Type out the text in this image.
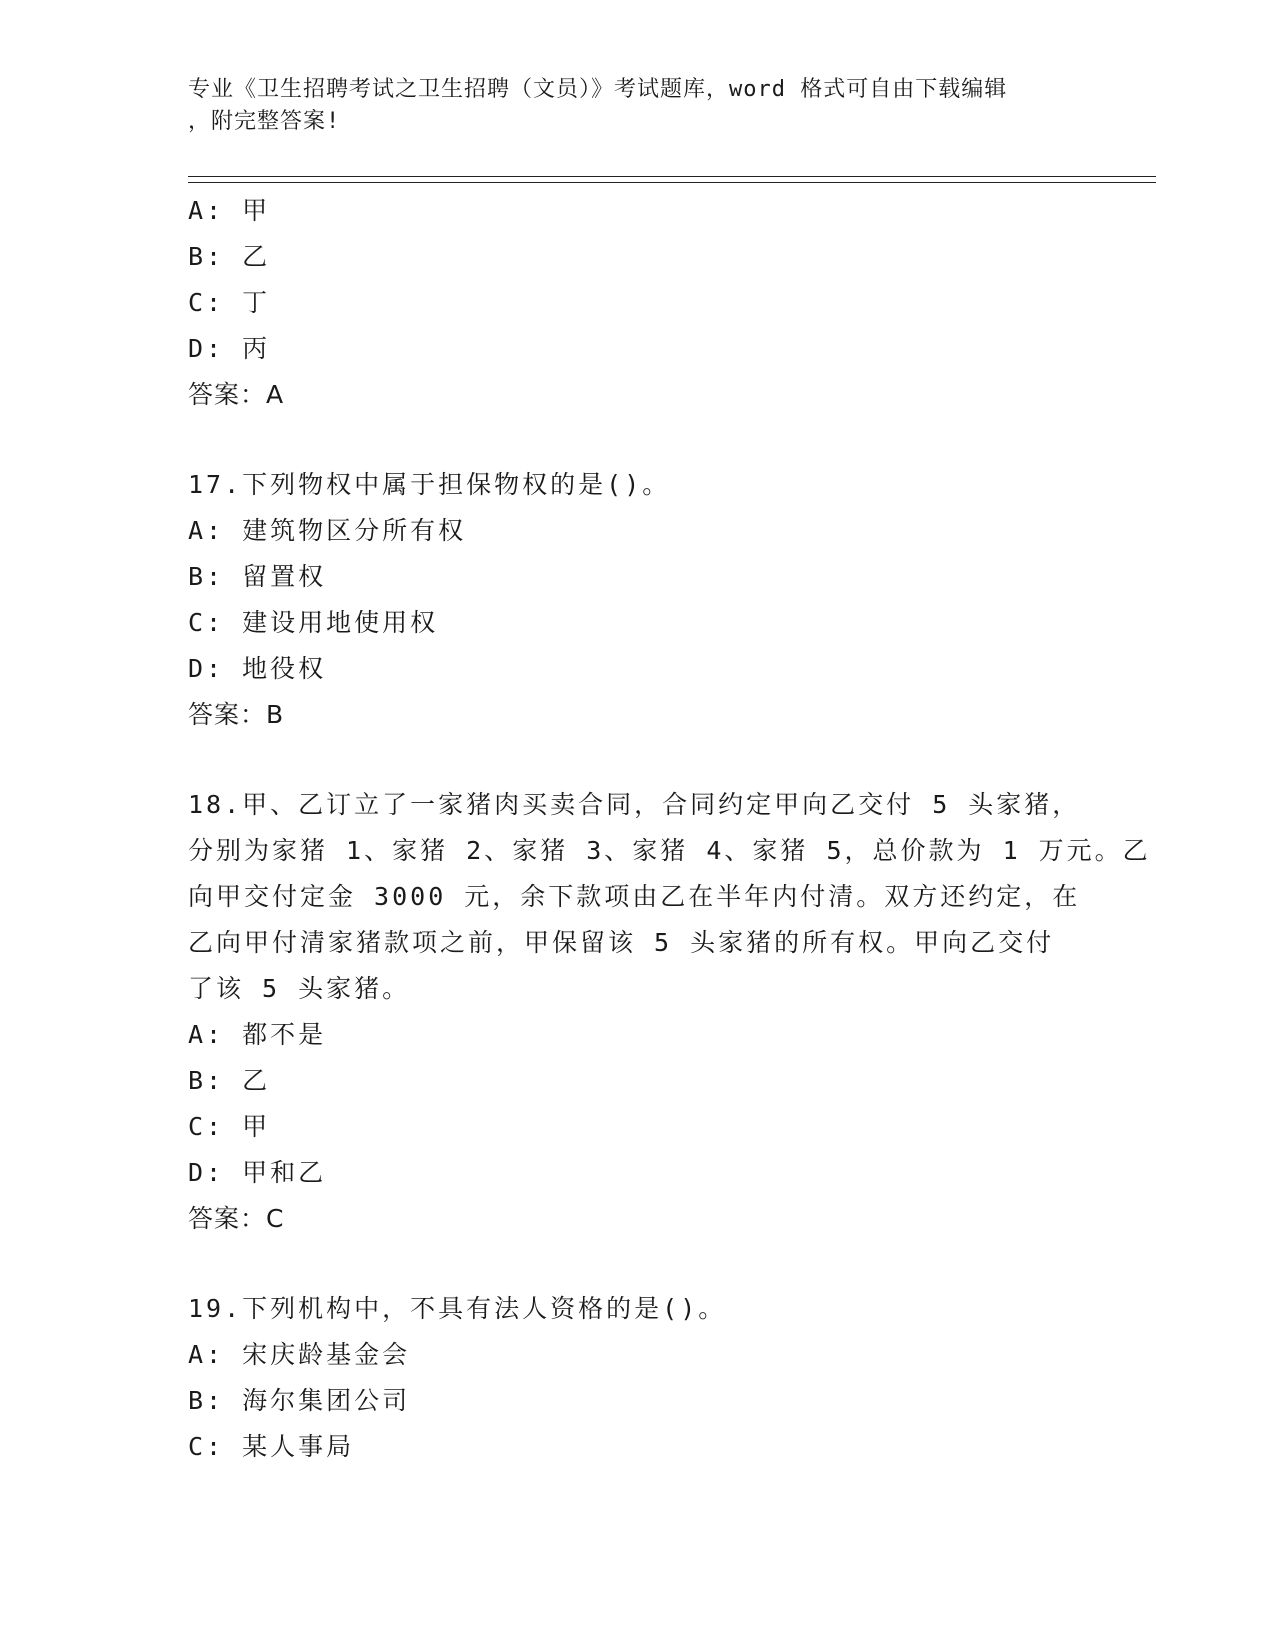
专业《卫生招聘考试之卫生招聘（文员）》考试题库，word 格式可自由下载编辑
，附完整答案!
A: 甲
B: 乙
C: 丁
D: 丙
答案：A
17.下列物权中属于担保物权的是()。
A: 建筑物区分所有权
B: 留置权
C: 建设用地使用权
D: 地役权
答案：B
18.甲、乙订立了一家猪肉买卖合同，合同约定甲向乙交付 5 头家猪，
分别为家猪 1、家猪 2、家猪 3、家猪 4、家猪 5，总价款为 1 万元。乙
向甲交付定金 3000 元，余下款项由乙在半年内付清。双方还约定，在
乙向甲付清家猪款项之前，甲保留该 5 头家猪的所有权。甲向乙交付
了该 5 头家猪。
A: 都不是
B: 乙
C: 甲
D: 甲和乙
答案：C
19.下列机构中，不具有法人资格的是()。
A: 宋庆龄基金会
B: 海尔集团公司
C: 某人事局
